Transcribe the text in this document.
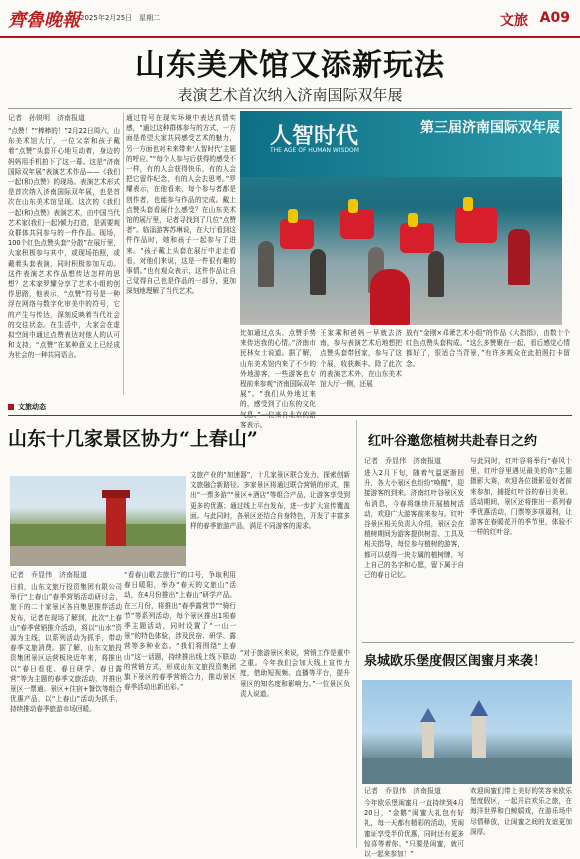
齊魯晚報 2025年2月25日　星期二	文旅 A09
山东美术馆又添新玩法
表演艺术首次纳入济南国际双年展
记者　孙锐明　济南报道
“点赞！”“棒棒的！”2月22日周六，山东美术馆大厅，一位父亲和孩子戴着“点赞”头套开心地互动着，身边的妈妈用手机拍下了这一幕。这是“济南国际双年展”表演艺术作品——《我们一起(和)点赞》的现场。表演艺术形式是首次纳入济南国际双年展，也是首次在山东美术馆呈现。这次的《我们一起(和)点赞》表演艺术，由中国当代艺术家(我们一起)倾力打造，是需要观众群体共同参与的一件作品。现场，100个红色点赞头套“分散”在展厅里，大家积极参与其中，或现场拍照，或戴着头套表演，同时积极参加互动。这件表演艺术作品想传达怎样的思想？艺术家罗耀分享了艺术小组的创作思路，他表示，“点赞”符号是一种浮在网络与数字化审美中的符号，它的产生与传达，深刻反映着当代社会的交往状态。在生活中，大家会在虚拟空间中通过点赞表达对他人的认可和支持，“点赞”在某种意义上已经成为社会的一种共同语言。
通过符号在现实环境中表达真情实感，“通过这种群体参与的方式，一方面是希望大家共同感受艺术的魅力，另一方面也对未来带来‘人智时代’主题的呼应。”“每个人参与后获得的感受不一样，有的人会获得快乐，有的人会把它留作纪念，有的人会去思考。”罗耀表示，在他看来，每个参与者都是创作者，也能参与作品的完成。戴上点赞头套看展什么感受？在山东美术馆的展厅里，记者寻找到了几位“点赞者”。临淄游客苏琳说，在大厅看到这件作品时，她和孩子一起参与了进来。“孩子戴上头套在展厅中走走看看，对他们来说，这是一件很有趣的事情。”也有观众表示，这件作品让自己觉得自己也是作品的一部分，更加深刻地理解了当代艺术。
人智时代
THE AGE OF HUMAN WISDOM
第三届济南国际双年展
比如通过点头、点赞手势来传达我的心情。”济南市民林女士说道。据了解，山东美术馆内来了不少的外地游客，一些游客也专程前来参观“济南国际双年展”。“我们从外地过来的，感受到了山东的文化 客表示。
王家乘和爸妈一早就去济南，参与表演艺术后地想把点赞头套带回家，参与了这个展，收获颇丰。除了此次的表演艺术外，在山东美术馆大厅一侧，还展
放有“金刚×邓萧艺术小组”的作品《大指指》，由数十个红色点赞头套构成。“这么多赞聚在一起，看后感觉心情都好了，很适合当背景，”有许多观众在此拍照打卡留念。
文旅动态
山东十几家景区协力“上春山”
记者　乔显伟　济南报道
日前，山东文旅厅投资集团有限公司举行“上春山”春季营销活动研讨会，旅下的二十家景区各自集思推荐活动发布，记者在现场了解到，此次“上春山”春季营销推介活动，将以“山水”资源为主线，以系列活动为抓手，带动春季文旅消费。据了解，山东文旅投资集团景区运营板块近年来，将推出以“春日看花、春日研学、春日露营”等为主题的春季文旅活动，并推出景区一票通、景区+住宿+餐饮等组合优惠产品，以“上春山”活动为抓手，持续推动春季旅游市场回暖。
“看春山歌去旅行”的口号，争取利用春日暖阳，举办“春天的文旅山”活动，在4月份推出“上春山”研学产品。在三月份，将推出“春季露营节”“骑行节”等系列活动，每个景区推出1项春季主题活动，同时设置了“一山一景”的特色体验，涉及民宿、研学、露营等多种业态。“我们将围绕“上春山”这一话题，持续推出线上线下联动的营销方式，形成山东文旅投资集团旗下景区的春季营销合力，推动景区春季活动出新出彩。”
文旅产业的“加速器”，十几家景区联合发力，探索创新文旅融合新路径。多家景区将通过联合营销的形式，推出“一票多游”“景区+酒店”等组合产品，让游客享受到更多的优惠；通过线上平台发布，进一步扩大宣传覆盖面。与此同时，各景区还结合自身特色，开发了丰富多样的春季旅游产品，满足不同游客的需求。
“对于旅游景区来说，营销工作是重中之重。今年我们会加大线上宣传力度，借助短视频、直播等平台，提升景区的知名度和影响力。”一位景区负责人说道。
红叶谷邀您植树共赴春日之约
记者　乔显伟　济南报道
进入2月下旬，随着气温逐渐回升，各大小景区也纷纷“唤醒”，迎接游客的到来。济南红叶谷景区发布消息，今春将继续开展植树活动，欢迎广大游客前来参与。红叶谷景区相关负责人介绍，景区会在植树期间为游客提供树苗、工具及相关指导，每位参与植树的游客，都可以获得一块专属的植树牌，写上自己的名字和心愿，留下属于自己的春日记忆。
与此同时，红叶谷将举行“春风十里，红叶谷里遇见最美的你”主题摄影大赛，欢迎各位摄影爱好者前来参加，捕捉红叶谷的春日美景。活动期间，景区还将推出一系列春季优惠活动，门票等多项福利，让游客在春暖花开的季节里，体验不一样的红叶谷。
泉城欧乐堡度假区闺蜜月来袭！
记者　乔显伟　济南报道
今年欧乐堡闺蜜月一直持续到4月20日，“金鹅”闺蜜大礼包有好礼，每一天都有精彩的活动，凭闺蜜证享受半价优惠，同时还有更多惊喜等着你。“只要是闺蜜，就可以一起来参加！”
欢迎闺蜜们带上美好的笑容来欧乐堡度假区，一起开启欢乐之旅，在海洋世界和白鲸嬉戏，在游乐场中尽情释放，让闺蜜之间的友谊更加深厚。
